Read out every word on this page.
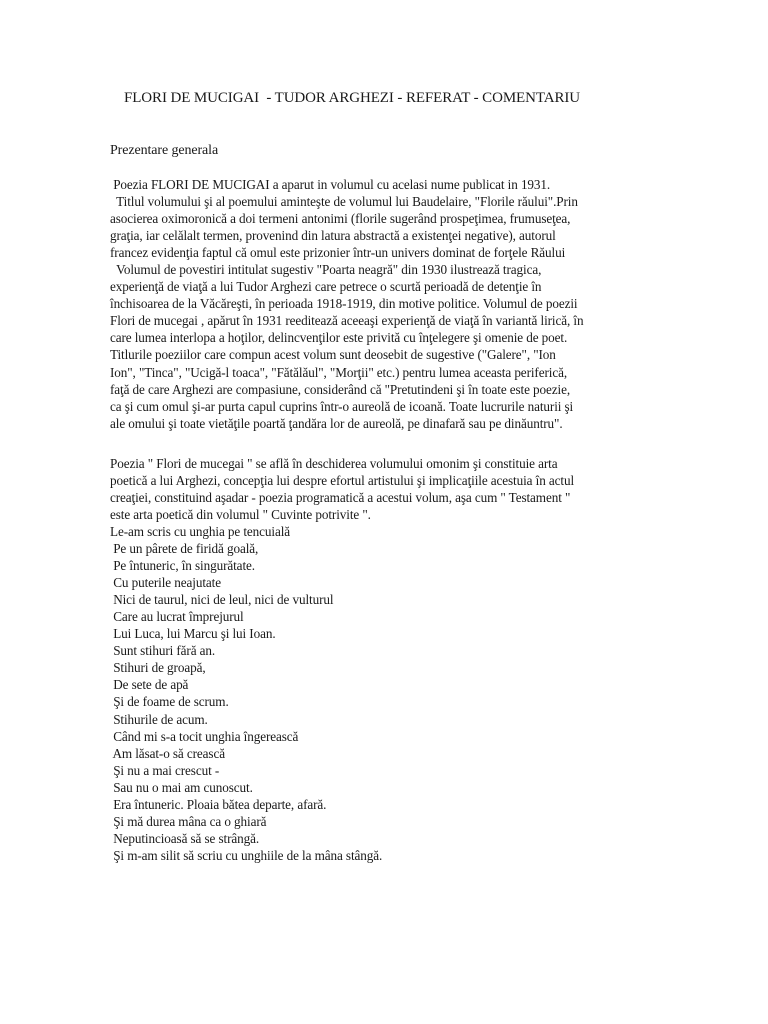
FLORI DE MUCIGAI  - TUDOR ARGHEZI - REFERAT - COMENTARIU
Prezentare generala
Poezia FLORI DE MUCIGAI a aparut in volumul cu acelasi nume publicat in 1931.
Titlul volumului şi al poemului aminteşte de volumul lui Baudelaire, "Florile răului".Prin
asocierea oximoronică a doi termeni antonimi (florile sugerând prospeţimea, frumuseţea,
graţia, iar celălalt termen, provenind din latura abstractă a existenţei negative), autorul
francez evidenţia faptul că omul este prizonier într-un univers dominat de forţele Răului
Volumul de povestiri intitulat sugestiv "Poarta neagră" din 1930 ilustrează tragica,
experienţă de viaţă a lui Tudor Arghezi care petrece o scurtă perioadă de detenţie în
închisoarea de la Văcăreşti, în perioada 1918-1919, din motive politice. Volumul de poezii
Flori de mucegai , apărut în 1931 reeditează aceeaşi experienţă de viaţă în variantă lirică, în
care lumea interlopa a hoţilor, delincvenţilor este privită cu înţelegere şi omenie de poet.
Titlurile poeziilor care compun acest volum sunt deosebit de sugestive ("Galere", "Ion
Ion", "Tinca", "Ucigă-l toaca", "Fătălăul", "Morţii" etc.) pentru lumea aceasta periferică,
faţă de care Arghezi are compasiune, considerând că "Pretutindeni şi în toate este poezie,
ca şi cum omul şi-ar purta capul cuprins într-o aureolă de icoană. Toate lucrurile naturii şi
ale omului şi toate vietăţile poartă ţandăra lor de aureolă, pe dinafară sau pe dinăuntru".
Poezia " Flori de mucegai " se află în deschiderea volumului omonim şi constituie arta
poetică a lui Arghezi, concepţia lui despre efortul artistului şi implicaţiile acestuia în actul
creaţiei, constituind aşadar - poezia programatică a acestui volum, aşa cum " Testament "
este arta poetică din volumul " Cuvinte potrivite ".
Le-am scris cu unghia pe tencuială
Pe un pârete de firidă goală,
Pe întuneric, în singurătate.
Cu puterile neajutate
Nici de taurul, nici de leul, nici de vulturul
Care au lucrat împrejurul
Lui Luca, lui Marcu şi lui Ioan.
Sunt stihuri fără an.
Stihuri de groapă,
De sete de apă
Şi de foame de scrum.
Stihurile de acum.
Când mi s-a tocit unghia îngerească
Am lăsat-o să crească
Şi nu a mai crescut -
Sau nu o mai am cunoscut.
Era întuneric. Ploaia bătea departe, afară.
Şi mă durea mâna ca o ghiară
Neputincioasă să se strângă.
Şi m-am silit să scriu cu unghiile de la mâna stângă.
